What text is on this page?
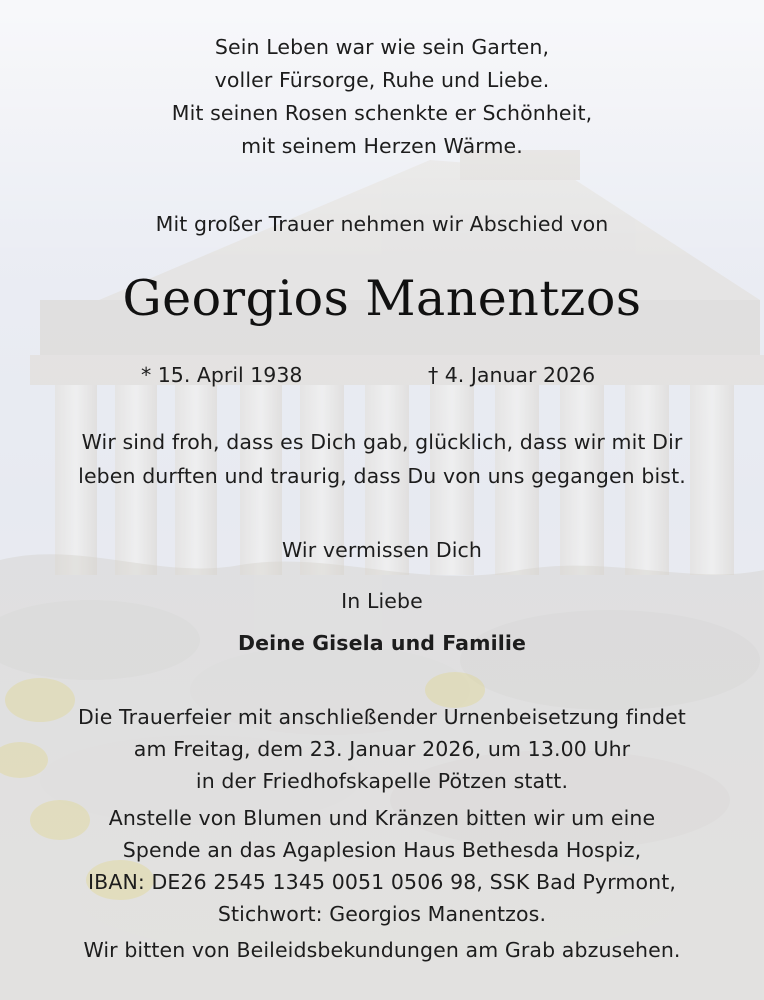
Sein Leben war wie sein Garten,
voller Fürsorge, Ruhe und Liebe.
Mit seinen Rosen schenkte er Schönheit,
mit seinem Herzen Wärme.
Mit großer Trauer nehmen wir Abschied von
Georgios Manentzos
* 15. April 1938	† 4. Januar 2026
Wir sind froh, dass es Dich gab, glücklich, dass wir mit Dir
leben durften und traurig, dass Du von uns gegangen bist.
Wir vermissen Dich
In Liebe
Deine Gisela und Familie
Die Trauerfeier mit anschließender Urnenbeisetzung findet
am Freitag, dem 23. Januar 2026, um 13.00 Uhr
in der Friedhofskapelle Pötzen statt.
Anstelle von Blumen und Kränzen bitten wir um eine
Spende an das Agaplesion Haus Bethesda Hospiz,
IBAN: DE26 2545 1345 0051 0506 98, SSK Bad Pyrmont,
Stichwort: Georgios Manentzos.
Wir bitten von Beileidsbekundungen am Grab abzusehen.
